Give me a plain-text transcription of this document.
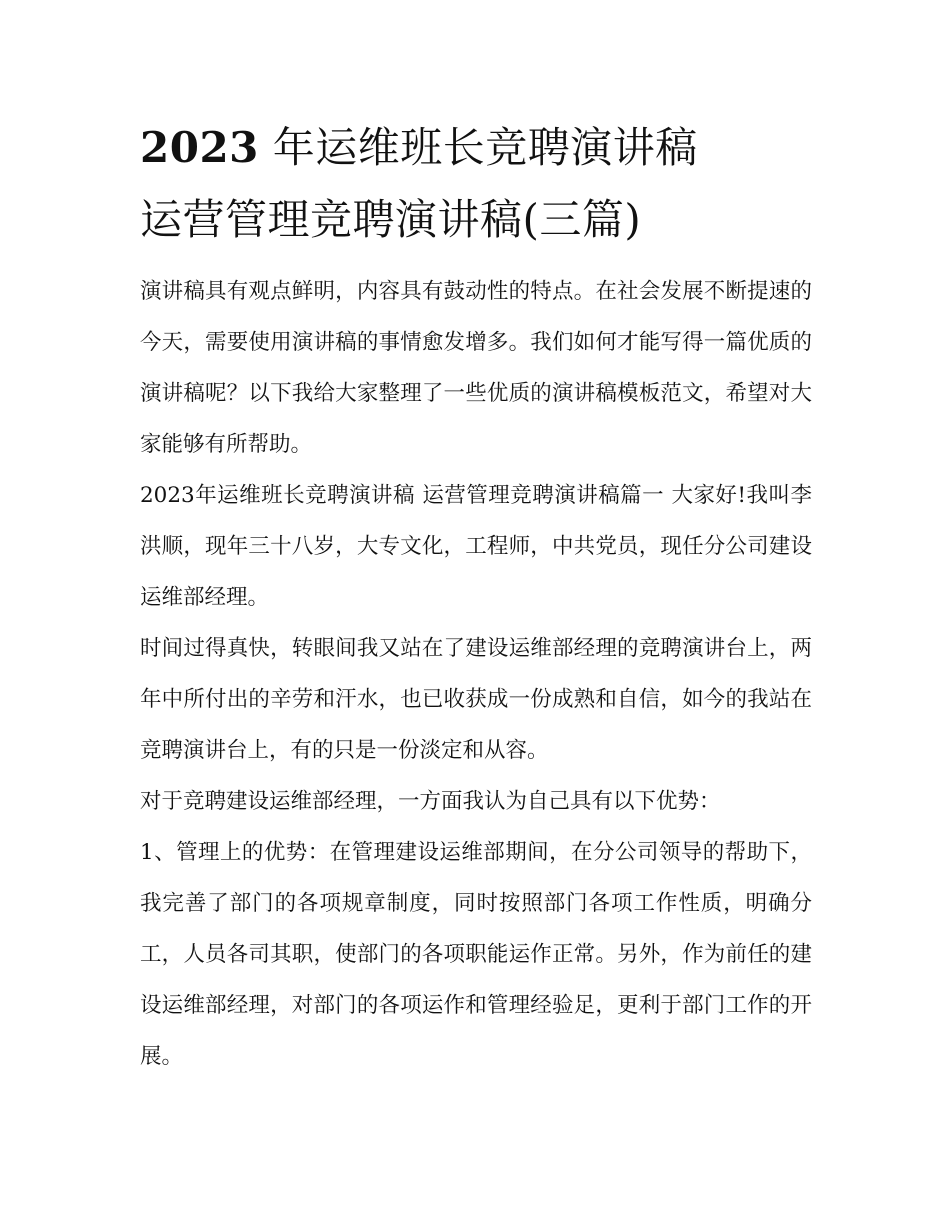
2023 年运维班长竞聘演讲稿
运营管理竞聘演讲稿(三篇)

演讲稿具有观点鲜明，内容具有鼓动性的特点。在社会发展不断提速的今天，需要使用演讲稿的事情愈发增多。我们如何才能写得一篇优质的演讲稿呢？以下我给大家整理了一些优质的演讲稿模板范文，希望对大家能够有所帮助。

2023年运维班长竞聘演讲稿 运营管理竞聘演讲稿篇一 大家好!我叫李洪顺，现年三十八岁，大专文化，工程师，中共党员，现任分公司建设运维部经理。

时间过得真快，转眼间我又站在了建设运维部经理的竞聘演讲台上，两年中所付出的辛劳和汗水，也已收获成一份成熟和自信，如今的我站在竞聘演讲台上，有的只是一份淡定和从容。

对于竞聘建设运维部经理，一方面我认为自己具有以下优势：

1、管理上的优势：在管理建设运维部期间，在分公司领导的帮助下，我完善了部门的各项规章制度，同时按照部门各项工作性质，明确分工，人员各司其职，使部门的各项职能运作正常。另外，作为前任的建设运维部经理，对部门的各项运作和管理经验足，更利于部门工作的开展。
